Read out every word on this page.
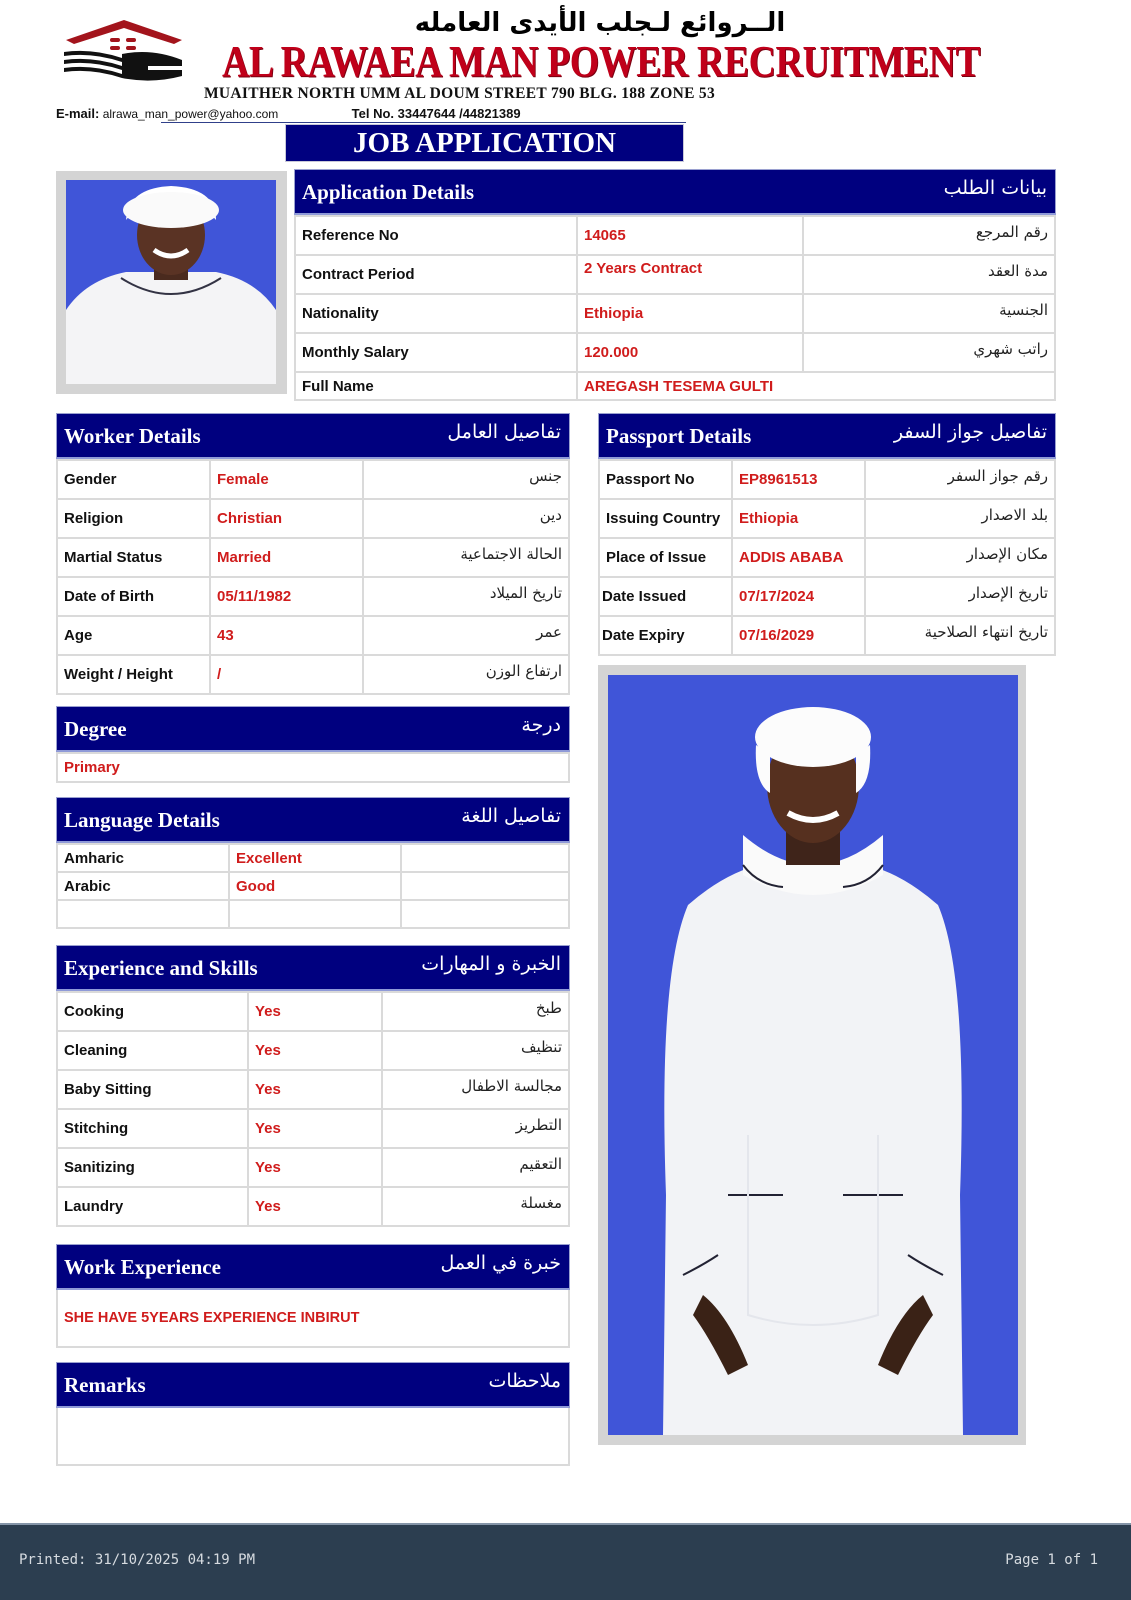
الــروائع لـجلب الأيدى العامله
AL RAWAEA MAN POWER RECRUITMENT
MUAITHER NORTH UMM AL DOUM STREET 790 BLG. 188 ZONE 53
E-mail: alrawa_man_power@yahoo.com	Tel No. 33447644 /44821389
JOB APPLICATION
Application Details	بيانات الطلب
Reference No	14065	رقم المرجع
Contract Period	2 Years Contract	مدة العقد
Nationality	Ethiopia	الجنسية
Monthly Salary	120.000	راتب شهري
Full Name	AREGASH TESEMA GULTI	
Worker Details	تفاصيل العامل
Gender	Female	جنس
Religion	Christian	دين
Martial Status	Married	الحالة الاجتماعية
Date of Birth	05/11/1982	تاريخ الميلاد
Age	43	عمر
Weight / Height	/	ارتفاع الوزن
Passport Details	تفاصيل جواز السفر
Passport No	EP8961513	رقم جواز السفر
Issuing Country	Ethiopia	بلد الاصدار
Place of Issue	ADDIS ABABA	مكان الإصدار
Date Issued	07/17/2024	تاريخ الإصدار
Date Expiry	07/16/2029	تاريخ انتهاء الصلاحية
Degree	درجة
Primary
Language Details	تفاصيل اللغة
Amharic	Excellent	
Arabic	Good	

Experience and Skills	الخبرة و المهارات
Cooking	Yes	طبخ
Cleaning	Yes	تنظيف
Baby Sitting	Yes	مجالسة الاطفال
Stitching	Yes	التطريز
Sanitizing	Yes	التعقيم
Laundry	Yes	مغسلة
Work Experience	خبرة في العمل
SHE HAVE 5YEARS EXPERIENCE INBIRUT
Remarks	ملاحظات
Printed: 31/10/2025 04:19 PM	Page 1 of 1
